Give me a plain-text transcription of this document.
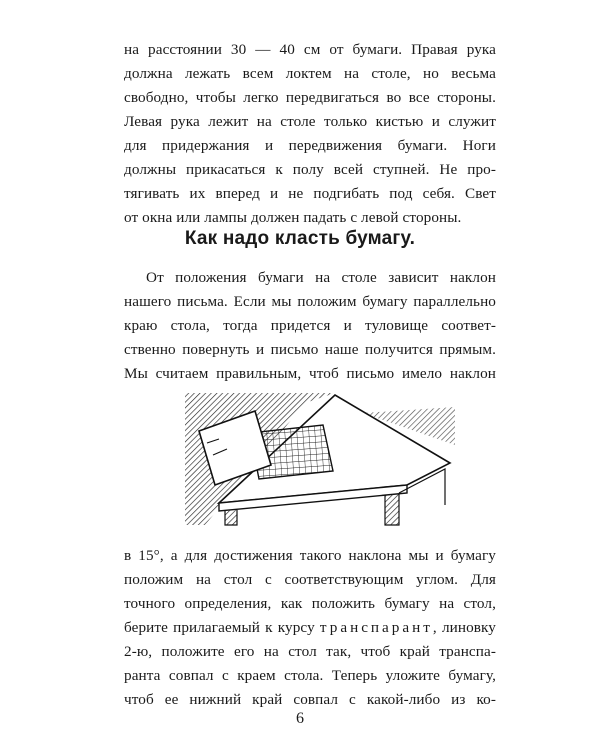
на расстоянии 30 — 40 см от бумаги. Правая рука
должна лежать всем локтем на столе, но весьма
свободно, чтобы легко передвигаться во все стороны.
Левая рука лежит на столе только кистью и служит
для придержания и передвижения бумаги. Ноги
должны прикасаться к полу всей ступней. Не про-
тягивать их вперед и не подгибать под себя. Свет
от окна или лампы должен падать с левой стороны.
Как надо класть бумагу.
От положения бумаги на столе зависит наклон
нашего письма. Если мы положим бумагу параллельно
краю стола, тогда придется и туловище соответ-
ственно повернуть и письмо наше получится прямым.
Мы считаем правильным, чтоб письмо имело наклон
в 15°, а для достижения такого наклона мы и бумагу
положим на стол с соответствующим углом. Для
точного определения, как положить бумагу на стол,
берите прилагаемый к курсу транспарант, линовку
2-ю, положите его на стол так, чтоб край транспа-
ранта совпал с краем стола. Теперь уложите бумагу,
чтоб ее нижний край совпал с какой-либо из ко-
6
